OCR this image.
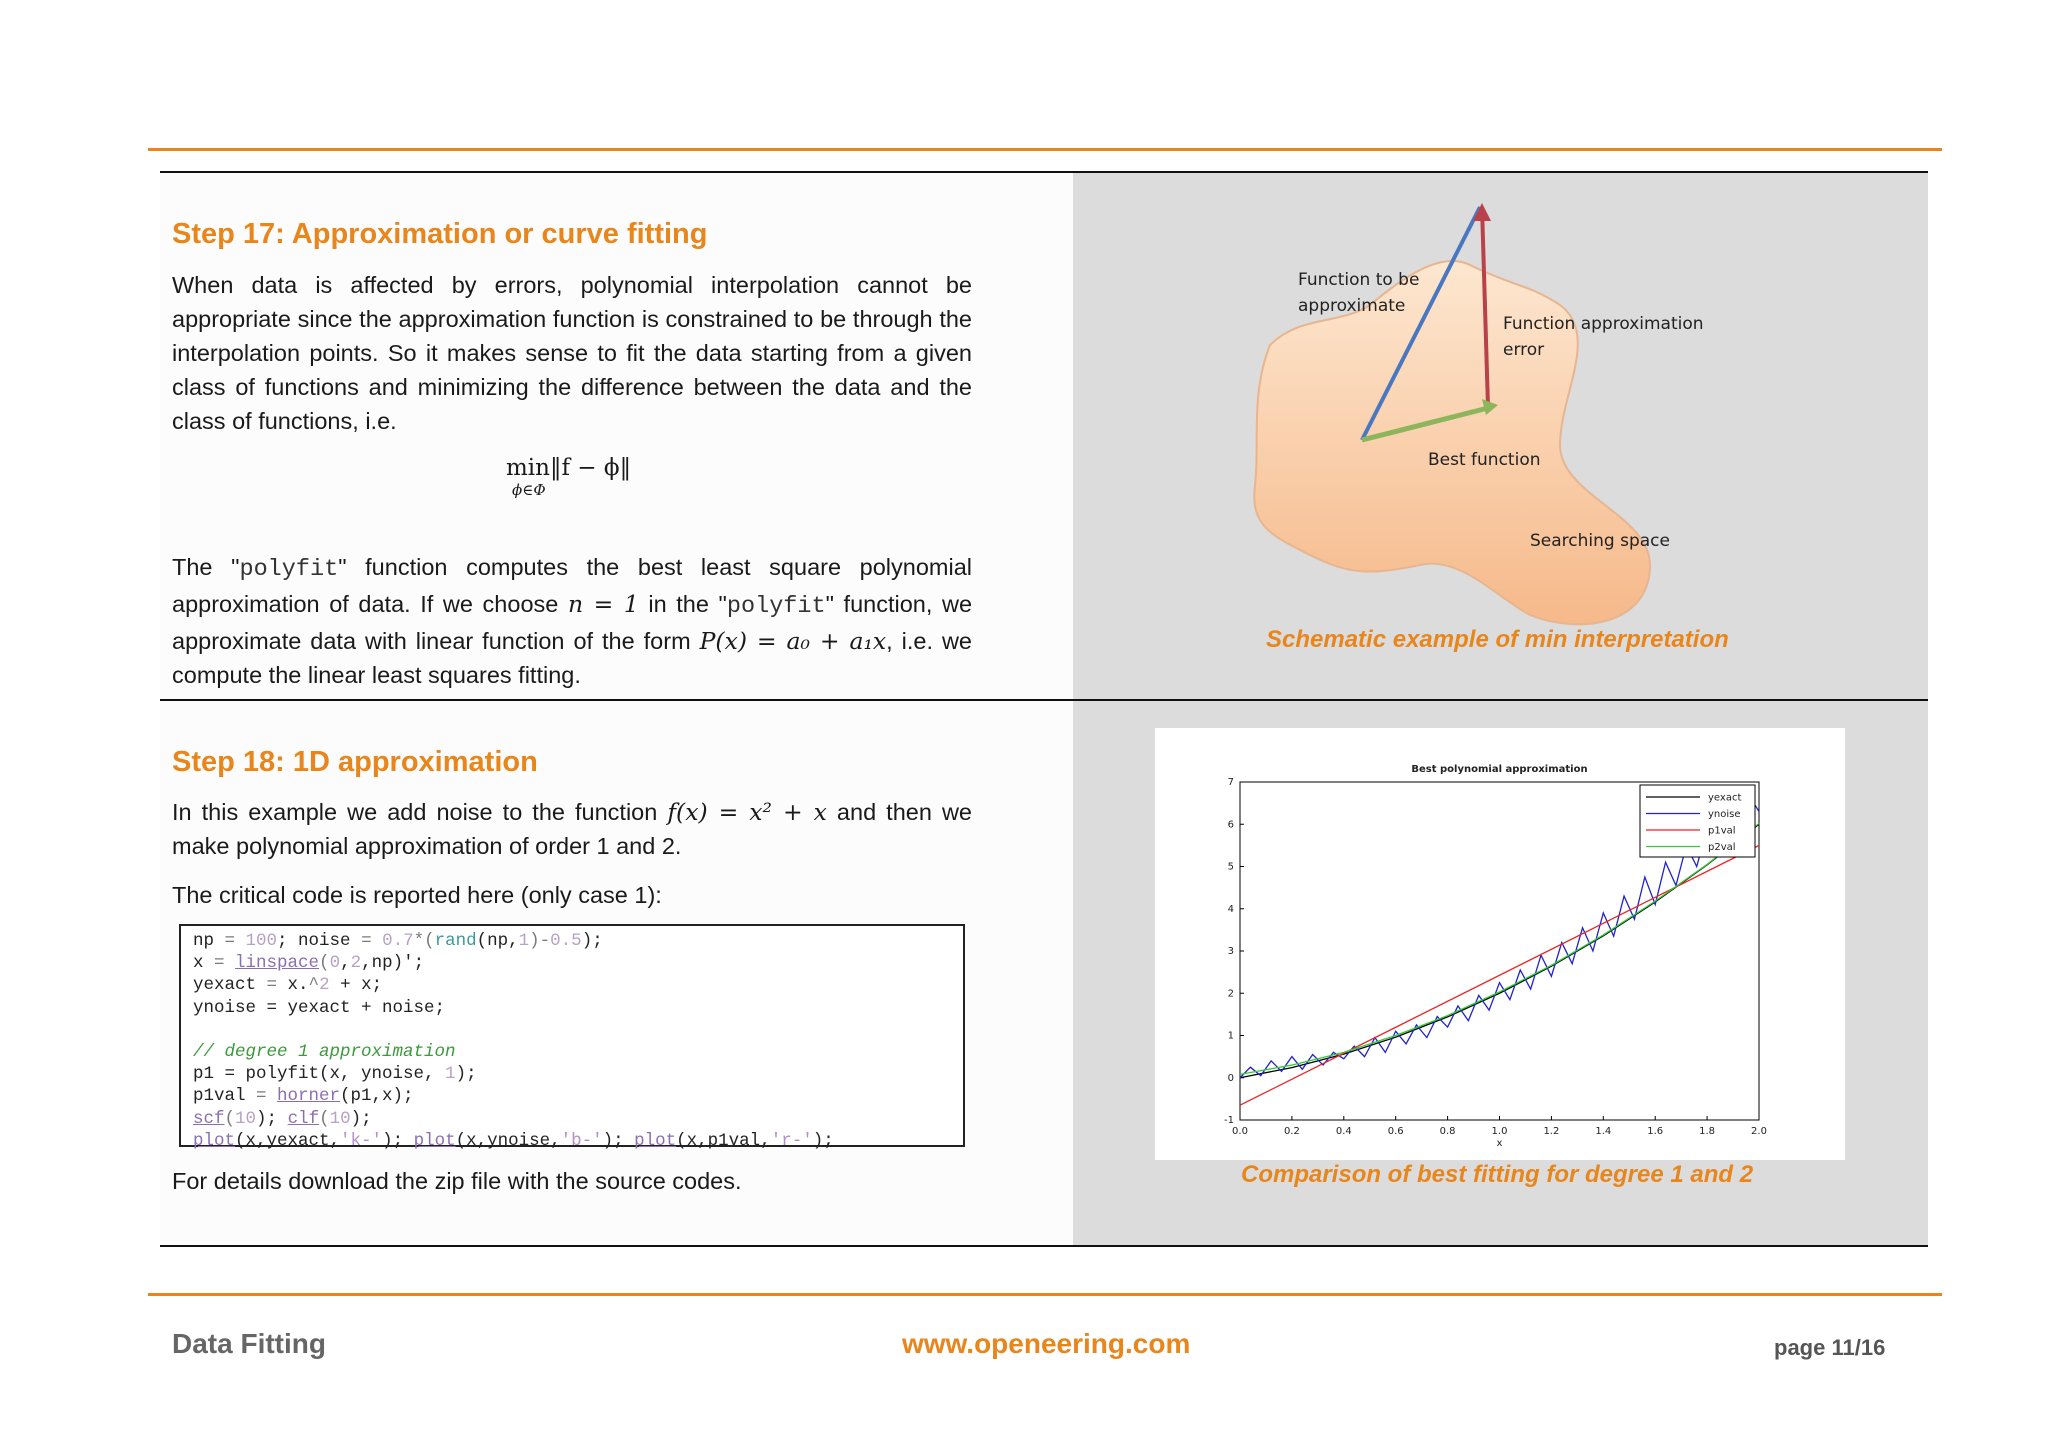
Step 17: Approximation or curve fitting
When data is affected by errors, polynomial interpolation cannot be appropriate since the approximation function is constrained to be through the interpolation points. So it makes sense to fit the data starting from a given class of functions and minimizing the difference between the data and the class of functions, i.e.
min‖f − ϕ‖
ϕ∈Φ
The "polyfit" function computes the best least square polynomial approximation of data. If we choose n = 1 in the "polyfit" function, we approximate data with linear function of the form P(x) = a₀ + a₁x, i.e. we compute the linear least squares fitting.
Function to be
approximate
Function approximation
error
Best function
Searching space
Schematic example of min interpretation
Step 18: 1D approximation
In this example we add noise to the function f(x) = x² + x and then we make polynomial approximation of order 1 and 2.
The critical code is reported here (only case 1):
np = 100; noise = 0.7*(rand(np,1)-0.5);
x = linspace(0,2,np)';
yexact = x.^2 + x;
ynoise = yexact + noise;
// degree 1 approximation
p1 = polyfit(x, ynoise, 1);
p1val = horner(p1,x);
scf(10); clf(10);
plot(x,yexact,'k-'); plot(x,ynoise,'b-'); plot(x,p1val,'r-');
For details download the zip file with the source codes.
Best polynomial approximation
0.0	0.2	0.4	0.6	0.8	1.0	1.2	1.4	1.6	1.8	2.0
-1
0
1
2
3
4
5
6
7
x
yexact
ynoise
p1val
p2val
Comparison of best fitting for degree 1 and 2
Data Fitting	www.openeering.com	page 11/16
